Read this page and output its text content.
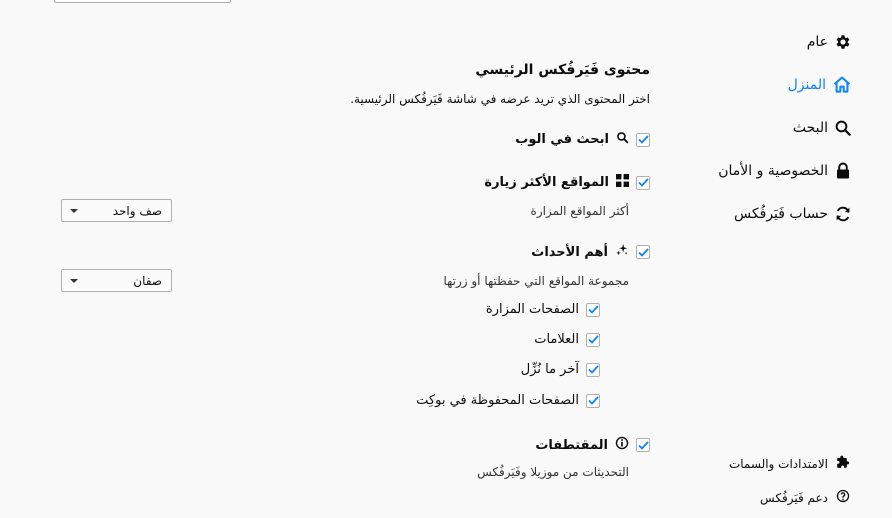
عام
المنزل
البحث
الخصوصية و الأمان
حساب فَيَرفُكس
الامتدادات والسمات
دعم فَيَرفُكس
محتوى فَيَرفُكس الرئيسي
اختر المحتوى الذي تريد عرضه في شاشة فَيَرفُكس الرئيسية.
ابحث في الوب
المواقع الأكثر زيارة
أكثر المواقع المزارة
صف واحد
أهم الأحداث
مجموعة المواقع التي حفظتها أو زرتها
صفان
الصفحات المزارة
العلامات
آخر ما نُزِّل
الصفحات المحفوظة في بوكِت
المقتطفات
التحديثات من موزيلا وفَيَرفُكس
